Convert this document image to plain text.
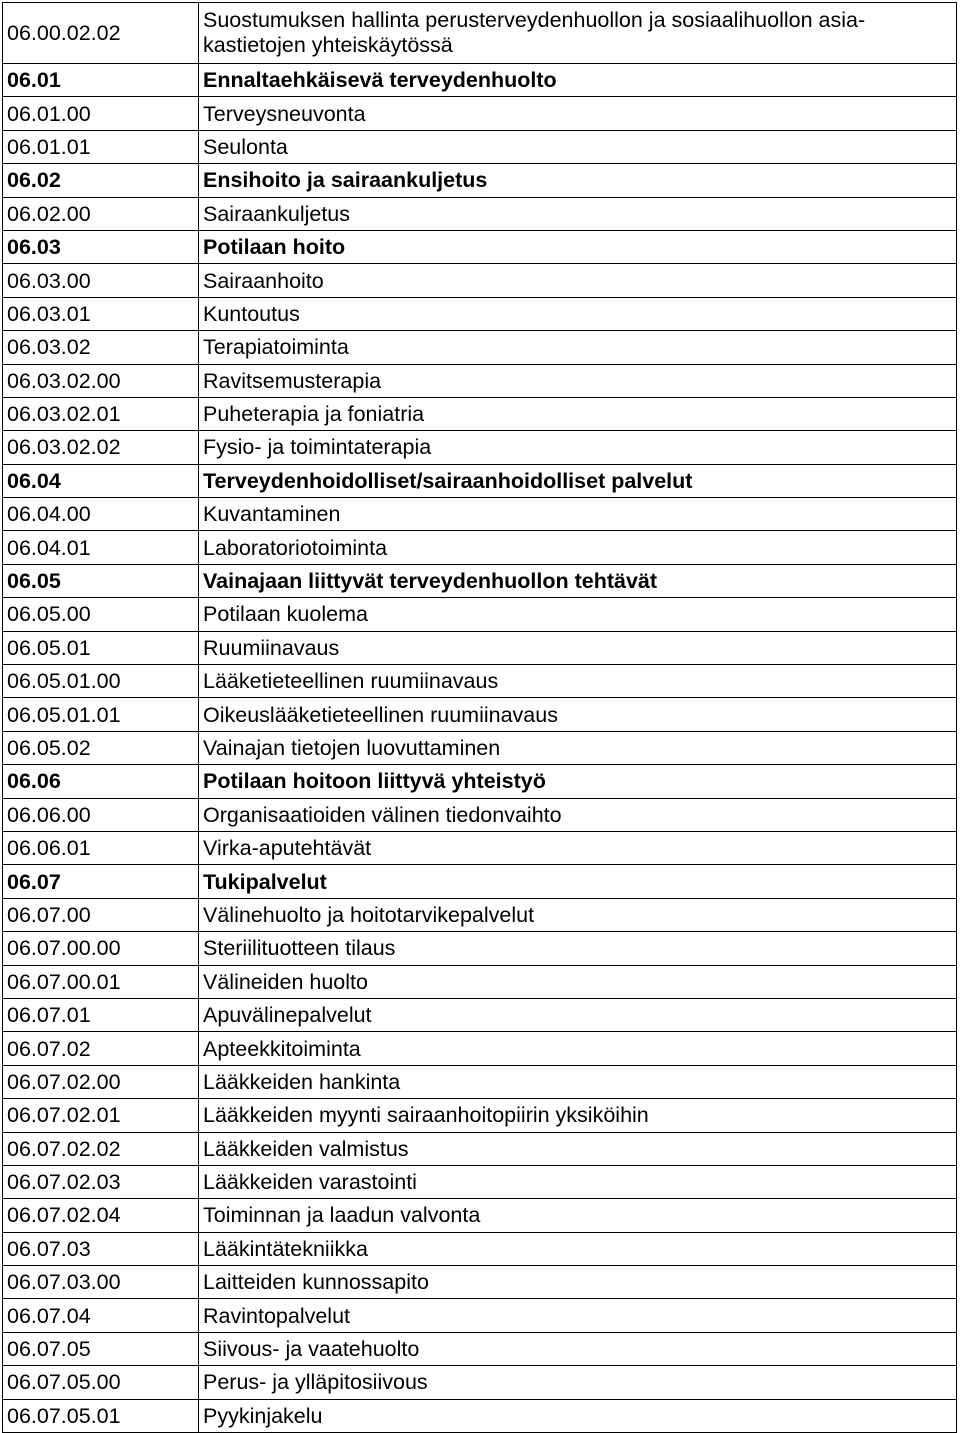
06.00.02.02	Suostumuksen hallinta perusterveydenhuollon ja sosiaalihuollon asia-kastietojen yhteiskäytössä
06.01	Ennaltaehkäisevä terveydenhuolto
06.01.00	Terveysneuvonta
06.01.01	Seulonta
06.02	Ensihoito ja sairaankuljetus
06.02.00	Sairaankuljetus
06.03	Potilaan hoito
06.03.00	Sairaanhoito
06.03.01	Kuntoutus
06.03.02	Terapiatoiminta
06.03.02.00	Ravitsemusterapia
06.03.02.01	Puheterapia ja foniatria
06.03.02.02	Fysio- ja toimintaterapia
06.04	Terveydenhoidolliset/sairaanhoidolliset palvelut
06.04.00	Kuvantaminen
06.04.01	Laboratoriotoiminta
06.05	Vainajaan liittyvät terveydenhuollon tehtävät
06.05.00	Potilaan kuolema
06.05.01	Ruumiinavaus
06.05.01.00	Lääketieteellinen ruumiinavaus
06.05.01.01	Oikeuslääketieteellinen ruumiinavaus
06.05.02	Vainajan tietojen luovuttaminen
06.06	Potilaan hoitoon liittyvä yhteistyö
06.06.00	Organisaatioiden välinen tiedonvaihto
06.06.01	Virka-aputehtävät
06.07	Tukipalvelut
06.07.00	Välinehuolto ja hoitotarvikepalvelut
06.07.00.00	Steriilituotteen tilaus
06.07.00.01	Välineiden huolto
06.07.01	Apuvälinepalvelut
06.07.02	Apteekkitoiminta
06.07.02.00	Lääkkeiden hankinta
06.07.02.01	Lääkkeiden myynti sairaanhoitopiirin yksiköihin
06.07.02.02	Lääkkeiden valmistus
06.07.02.03	Lääkkeiden varastointi
06.07.02.04	Toiminnan ja laadun valvonta
06.07.03	Lääkintätekniikka
06.07.03.00	Laitteiden kunnossapito
06.07.04	Ravintopalvelut
06.07.05	Siivous- ja vaatehuolto
06.07.05.00	Perus- ja ylläpitosiivous
06.07.05.01	Pyykinjakelu
